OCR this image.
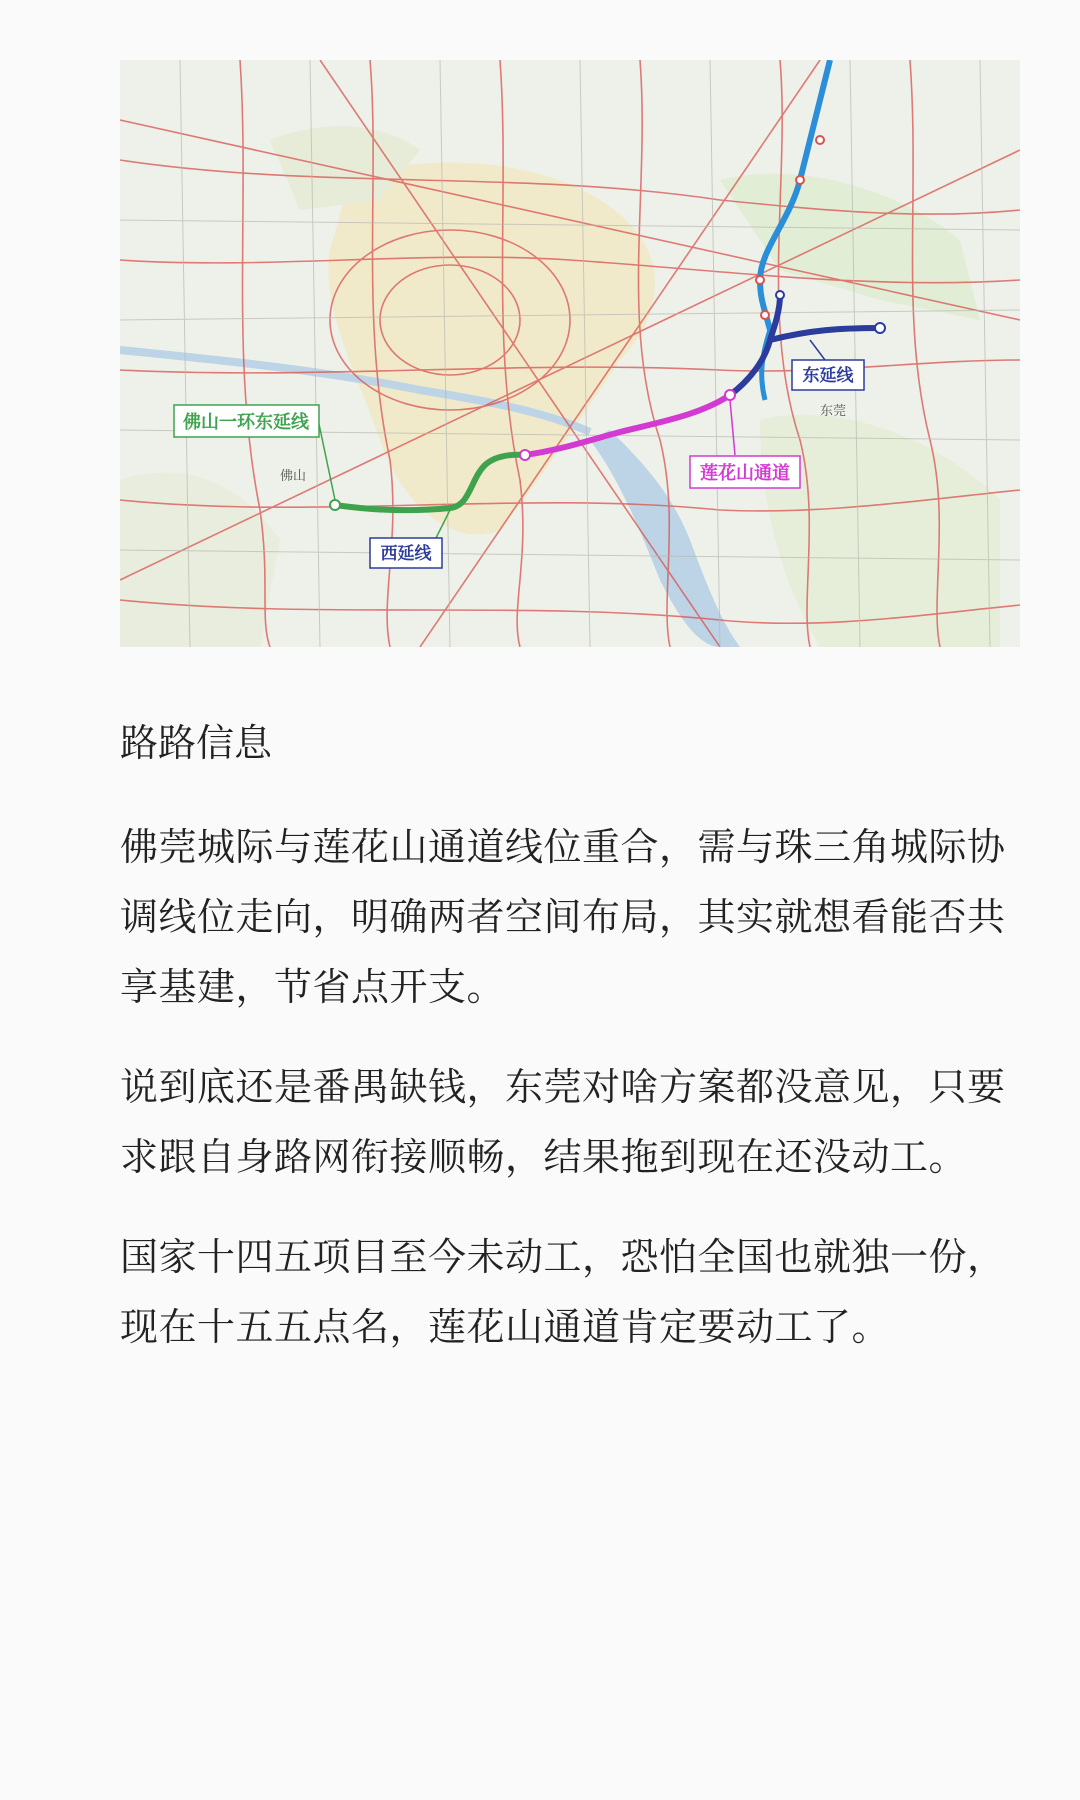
佛山一环东延线
西延线
莲花山通道
东延线
佛山
东莞
路路信息

佛莞城际与莲花山通道线位重合，需与珠三角城际协调线位走向，明确两者空间布局，其实就想看能否共享基建，节省点开支。

说到底还是番禺缺钱，东莞对啥方案都没意见，只要求跟自身路网衔接顺畅，结果拖到现在还没动工。

国家十四五项目至今未动工，恐怕全国也就独一份，现在十五五点名，莲花山通道肯定要动工了。
